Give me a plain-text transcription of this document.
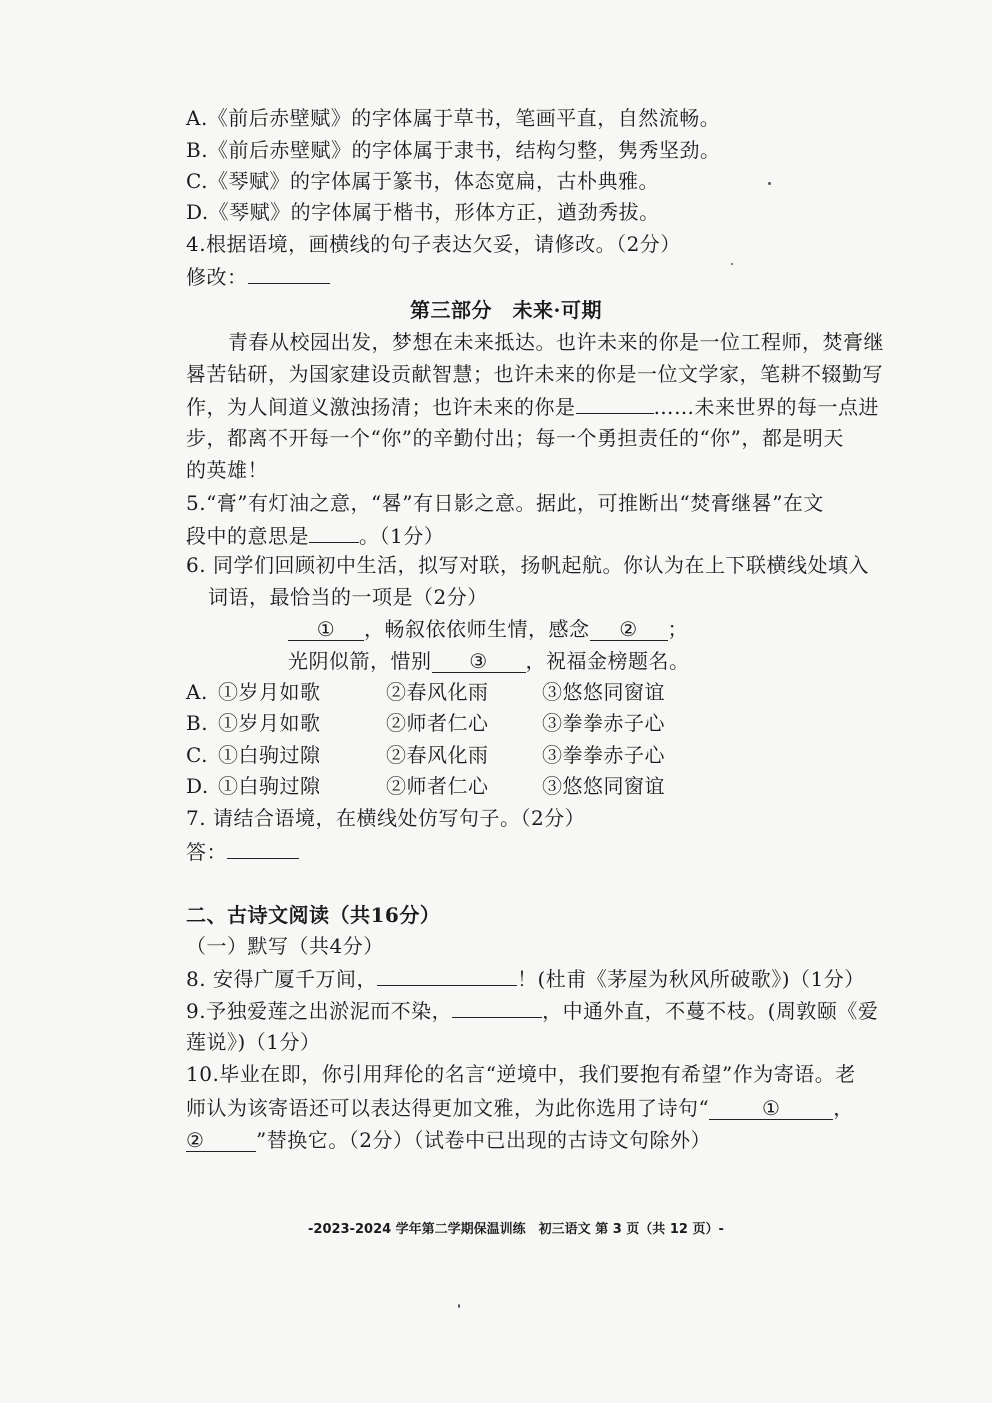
A.《前后赤壁赋》的字体属于草书，笔画平直，自然流畅。
B.《前后赤壁赋》的字体属于隶书，结构匀整，隽秀坚劲。
C.《琴赋》的字体属于篆书，体态宽扁，古朴典雅。
D.《琴赋》的字体属于楷书，形体方正，遒劲秀拔。
4.根据语境，画横线的句子表达欠妥，请修改。（2分）
修改：
第三部分　未来·可期
青春从校园出发，梦想在未来抵达。也许未来的你是一位工程师，焚膏继
晷苦钻研，为国家建设贡献智慧；也许未来的你是一位文学家，笔耕不辍勤写
作，为人间道义激浊扬清；也许未来的你是	……未来世界的每一点进
步，都离不开每一个“你”的辛勤付出；每一个勇担责任的“你”，都是明天
的英雄！
5.“膏”有灯油之意，“晷”有日影之意。据此，可推断出“焚膏继晷”在文
段中的意思是	。（1分）
6. 同学们回顾初中生活，拟写对联，扬帆起航。你认为在上下联横线处填入
词语，最恰当的一项是（2分）
① ，畅叙依依师生情，感念 ② ；
光阴似箭，惜别 ③ ，祝福金榜题名。
A. ①岁月如歌	②春风化雨	③悠悠同窗谊
B. ①岁月如歌	②师者仁心	③拳拳赤子心
C. ①白驹过隙	②春风化雨	③拳拳赤子心
D. ①白驹过隙	②师者仁心	③悠悠同窗谊
7. 请结合语境，在横线处仿写句子。（2分）
答：
二、古诗文阅读（共16分）
（一）默写（共4分）
8. 安得广厦千万间，	！(杜甫《茅屋为秋风所破歌》)（1分）
9.予独爱莲之出淤泥而不染，	，中通外直，不蔓不枝。(周敦颐《爱
莲说》)（1分）
10.毕业在即，你引用拜伦的名言“逆境中，我们要抱有希望”作为寄语。老
师认为该寄语还可以表达得更加文雅，为此你选用了诗句“	①	，
②	”替换它。（2分）（试卷中已出现的古诗文句除外）
-2023-2024 学年第二学期保温训练　初三语文 第 3 页（共 12 页）-
